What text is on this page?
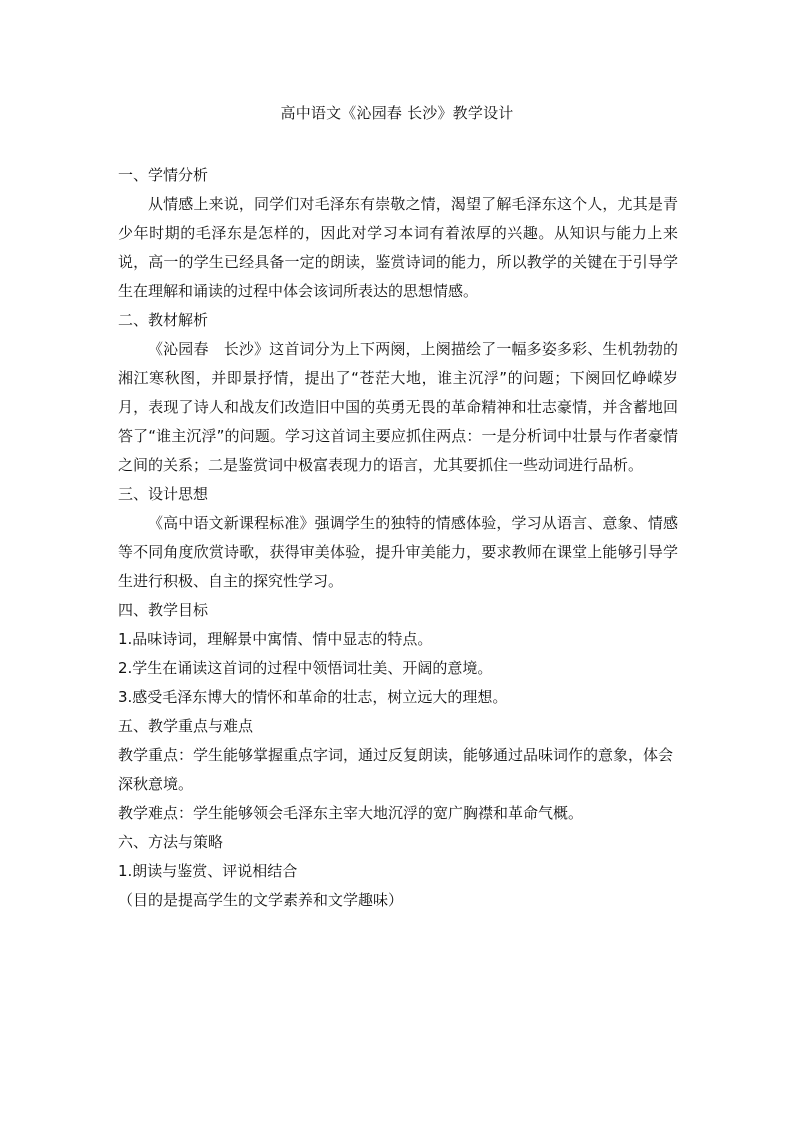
高中语文《沁园春 长沙》教学设计

一、学情分析

从情感上来说，同学们对毛泽东有崇敬之情，渴望了解毛泽东这个人，尤其是青少年时期的毛泽东是怎样的，因此对学习本词有着浓厚的兴趣。从知识与能力上来说，高一的学生已经具备一定的朗读，鉴赏诗词的能力，所以教学的关键在于引导学生在理解和诵读的过程中体会该词所表达的思想情感。

二、教材解析

《沁园春　长沙》这首词分为上下两阕，上阕描绘了一幅多姿多彩、生机勃勃的湘江寒秋图，并即景抒情，提出了“苍茫大地，谁主沉浮”的问题；下阕回忆峥嵘岁月，表现了诗人和战友们改造旧中国的英勇无畏的革命精神和壮志豪情，并含蓄地回答了“谁主沉浮”的问题。学习这首词主要应抓住两点：一是分析词中壮景与作者豪情之间的关系；二是鉴赏词中极富表现力的语言，尤其要抓住一些动词进行品析。

三、设计思想

《高中语文新课程标准》强调学生的独特的情感体验，学习从语言、意象、情感等不同角度欣赏诗歌，获得审美体验，提升审美能力，要求教师在课堂上能够引导学生进行积极、自主的探究性学习。

四、教学目标

1.品味诗词，理解景中寓情、情中显志的特点。

2.学生在诵读这首词的过程中领悟词壮美、开阔的意境。

3.感受毛泽东博大的情怀和革命的壮志，树立远大的理想。

五、教学重点与难点

教学重点：学生能够掌握重点字词，通过反复朗读，能够通过品味词作的意象，体会深秋意境。

教学难点：学生能够领会毛泽东主宰大地沉浮的宽广胸襟和革命气概。

六、方法与策略

1.朗读与鉴赏、评说相结合

（目的是提高学生的文学素养和文学趣味）
